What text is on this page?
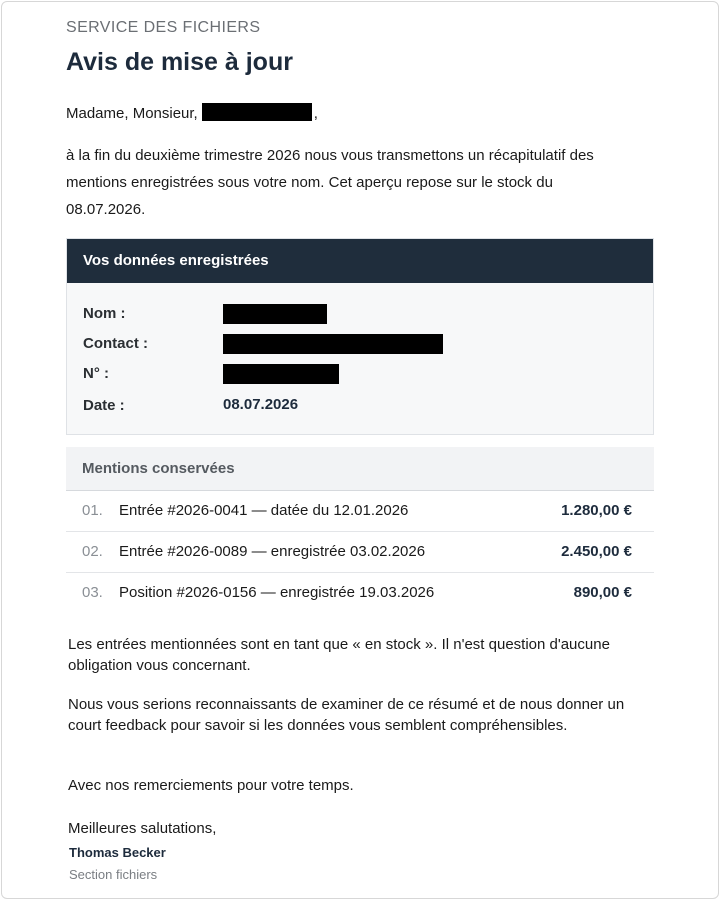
SERVICE DES FICHIERS
Avis de mise à jour
Madame, Monsieur,	,

à la fin du deuxième trimestre 2026 nous vous transmettons un récapitulatif des mentions enregistrées sous votre nom. Cet aperçu repose sur le stock du 08.07.2026.

Vos données enregistrées
Nom :
Contact :
N° :
Date :	08.07.2026
Mentions conservées
01. Entrée #2026-0041 — datée du 12.01.2026	1.280,00 €
02. Entrée #2026-0089 — enregistrée 03.02.2026	2.450,00 €
03. Position #2026-0156 — enregistrée 19.03.2026	890,00 €

Les entrées mentionnées sont en tant que « en stock ». Il n'est question d'aucune obligation vous concernant.

Nous vous serions reconnaissants de examiner de ce résumé et de nous donner un court feedback pour savoir si les données vous semblent compréhensibles.

Avec nos remerciements pour votre temps.

Meilleures salutations,

Thomas Becker
Section fichiers
